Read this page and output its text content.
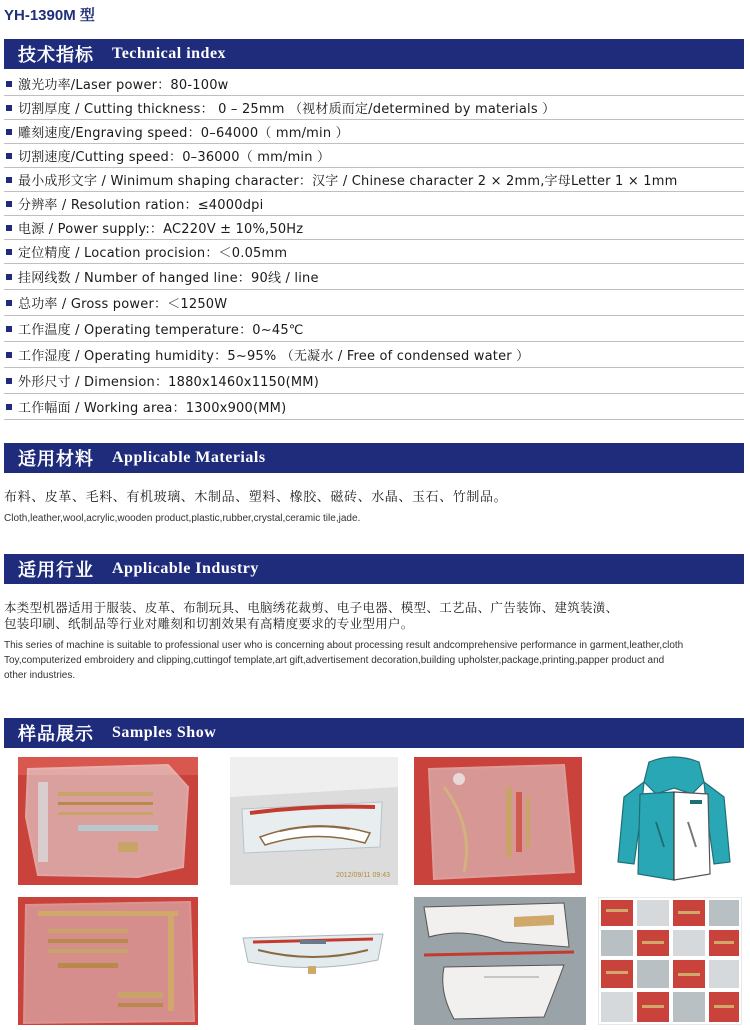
YH-1390M 型
技术指标 Technical index
激光功率/Laser power：80-100w
切割厚度 / Cutting thickness： 0 – 25mm （视材质而定/determined by materials ）
雕刻速度/Engraving speed：0–64000（ mm/min ）
切割速度/Cutting speed：0–36000（ mm/min ）
最小成形文字 / Winimum shaping character：汉字 / Chinese character 2 × 2mm,字母Letter 1 × 1mm
分辨率 / Resolution ration：≤4000dpi
电源 / Power supply:：AC220V ± 10%,50Hz
定位精度 / Location procision：＜0.05mm
挂网线数 / Number of hanged line：90线 / line
总功率 / Gross power：＜1250W
工作温度 / Operating temperature：0~45℃
工作湿度 / Operating humidity：5~95% （无凝水 / Free of condensed water ）
外形尺寸 / Dimension：1880x1460x1150(MM)
工作幅面 / Working area：1300x900(MM)
适用材料 Applicable Materials
布料、皮革、毛料、有机玻璃、木制品、塑料、橡胶、磁砖、水晶、玉石、竹制品。
Cloth,leather,wool,acrylic,wooden product,plastic,rubber,crystal,ceramic tile,jade.
适用行业 Applicable Industry
本类型机器适用于服装、皮革、布制玩具、电脑绣花裁剪、电子电器、模型、工艺品、广告装饰、建筑装潢、
包装印刷、纸制品等行业对雕刻和切割效果有高精度要求的专业型用户。
This series of machine is suitable to professional user who is concerning about processing result andcomprehensive performance in garment,leather,cloth
Toy,computerized embroidery and clipping,cuttingof template,art gift,advertisement decoration,building upholster,package,printing,papper product and
other industries.
样品展示 Samples Show
2012/09/11 09:43
